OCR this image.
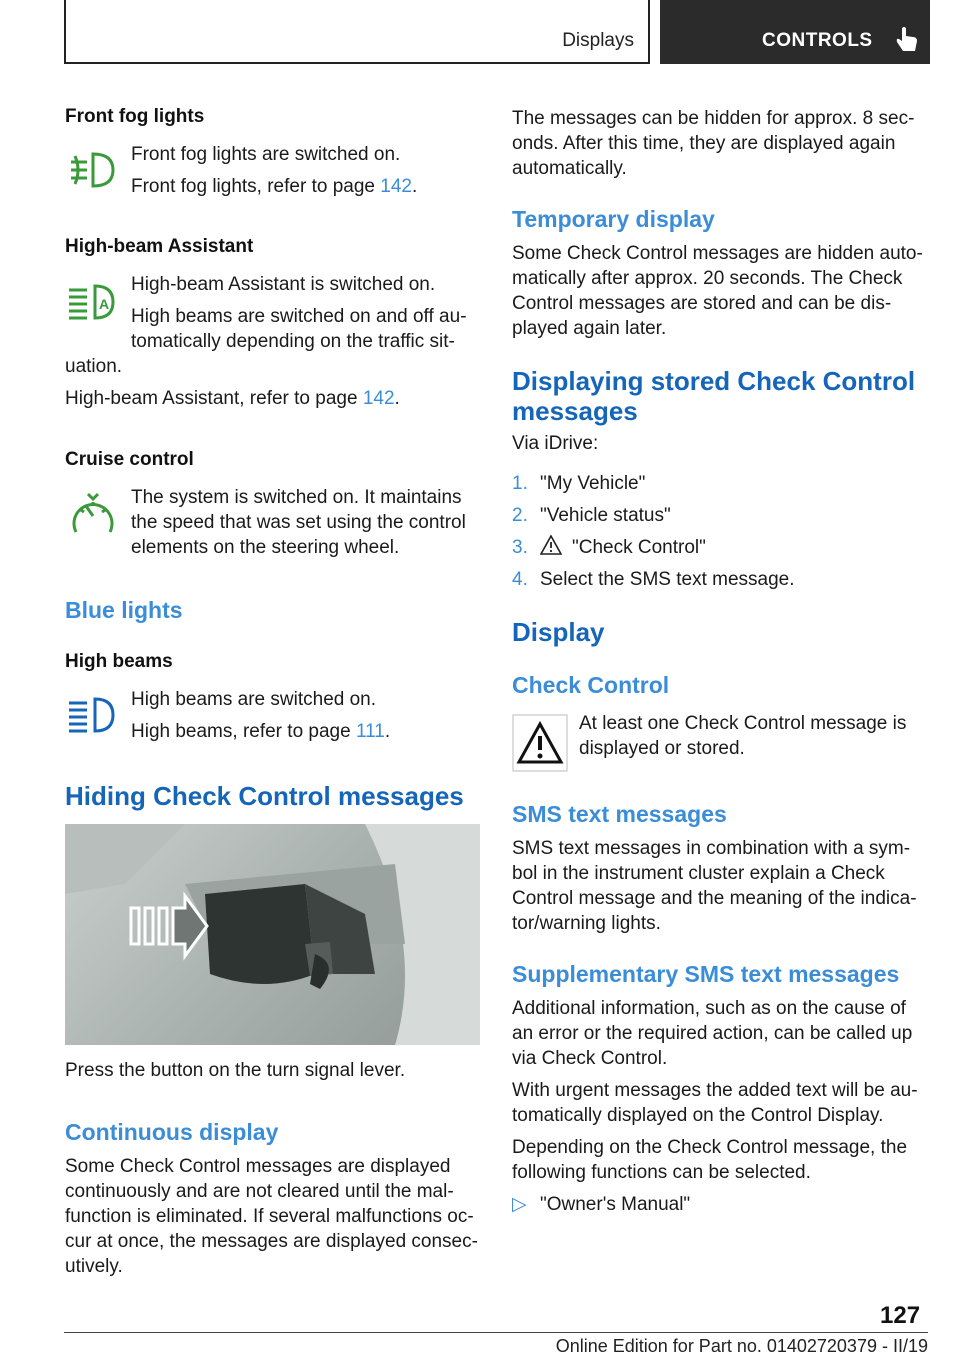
Displays	CONTROLS
Front fog lights
Front fog lights are switched on.
Front fog lights, refer to page 142.
High-beam Assistant
A
High-beam Assistant is switched on.
High beams are switched on and off au-
tomatically depending on the traffic sit-
uation.
High-beam Assistant, refer to page 142.
Cruise control
The system is switched on. It maintains
the speed that was set using the control
elements on the steering wheel.
Blue lights
High beams
High beams are switched on.
High beams, refer to page 111.
Hiding Check Control messages
Press the button on the turn signal lever.
Continuous display
Some Check Control messages are displayed
continuously and are not cleared until the mal-
function is eliminated. If several malfunctions oc-
cur at once, the messages are displayed consec-
utively.
The messages can be hidden for approx. 8 sec-
onds. After this time, they are displayed again
automatically.
Temporary display
Some Check Control messages are hidden auto-
matically after approx. 20 seconds. The Check
Control messages are stored and can be dis-
played again later.
Displaying stored Check Control
messages
Via iDrive:
1. "My Vehicle"
2. "Vehicle status"
3. "Check Control"
4. Select the SMS text message.
Display
Check Control
At least one Check Control message is
displayed or stored.
SMS text messages
SMS text messages in combination with a sym-
bol in the instrument cluster explain a Check
Control message and the meaning of the indica-
tor/warning lights.
Supplementary SMS text messages
Additional information, such as on the cause of
an error or the required action, can be called up
via Check Control.
With urgent messages the added text will be au-
tomatically displayed on the Control Display.
Depending on the Check Control message, the
following functions can be selected.
▷ "Owner's Manual"
127
Online Edition for Part no. 01402720379 - II/19
